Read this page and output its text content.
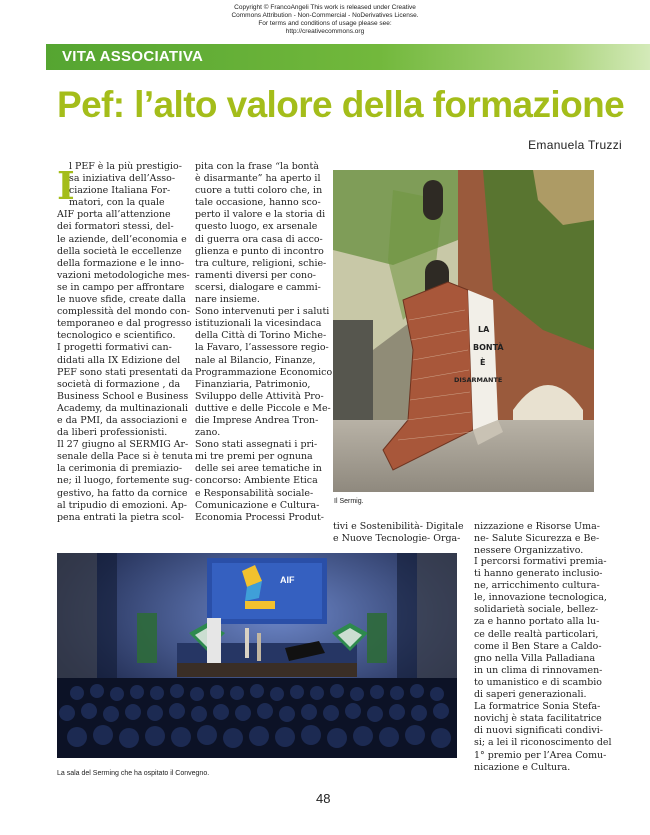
Copyright © FrancoAngeli This work is released under Creative
Commons Attribution - Non-Commercial - NoDerivatives License.
For terms and conditions of usage please see:
http://creativecommons.org
VITA ASSOCIATIVA
Pef: l’alto valore della formazione
Emanuela Truzzi
I
l PEF è la più prestigio-
sa iniziativa dell’Asso-
ciazione Italiana For-
matori, con la quale
AIF porta all’attenzione
dei formatori stessi, del-
le aziende, dell’economia e
della società le eccellenze
della formazione e le inno-
vazioni metodologiche mes-
se in campo per affrontare
le nuove sfide, create dalla
complessità del mondo con-
temporaneo e dal progresso
tecnologico e scientifico.
I progetti formativi can-
didati alla IX Edizione del
PEF sono stati presentati da
società di formazione , da
Business School e Business
Academy, da multinazionali
e da PMI, da associazioni e
da liberi professionisti.
Il 27 giugno al SERMIG Ar-
senale della Pace si è tenuta
la cerimonia di premiazio-
ne; il luogo, fortemente sug-
gestivo, ha fatto da cornice
al tripudio di emozioni. Ap-
pena entrati la pietra scol-
pita con la frase “la bontà
è disarmante” ha aperto il
cuore a tutti coloro che, in
tale occasione, hanno sco-
perto il valore e la storia di
questo luogo, ex arsenale
di guerra ora casa di acco-
glienza e punto di incontro
tra culture, religioni, schie-
ramenti diversi per cono-
scersi, dialogare e cammi-
nare insieme.
Sono intervenuti per i saluti
istituzionali la vicesindaca
della Città di Torino Miche-
la Favaro, l’assessore regio-
nale al Bilancio, Finanze,
Programmazione Economico
Finanziaria, Patrimonio,
Sviluppo delle Attività Pro-
duttive e delle Piccole e Me-
die Imprese Andrea Tron-
zano.
Sono stati assegnati i pri-
mi tre premi per ognuna
delle sei aree tematiche in
concorso: Ambiente Etica
e Responsabilità sociale-
Comunicazione e Cultura-
Economia Processi Produt-
tivi e Sostenibilità- Digitale
e Nuove Tecnologie- Orga-
nizzazione e Risorse Uma-
ne- Salute Sicurezza e Be-
nessere Organizzativo.
I percorsi formativi premia-
ti hanno generato inclusio-
ne, arricchimento cultura-
le, innovazione tecnologica,
solidarietà sociale, bellez-
za e hanno portato alla lu-
ce delle realtà particolari,
come il Ben Stare a Caldo-
gno nella Villa Palladiana
in un clima di rinnovamen-
to umanistico e di scambio
di saperi generazionali.
La formatrice Sonia Stefa-
novichj è stata facilitatrice
di nuovi significati condivi-
si; a lei il riconoscimento del
1° premio per l’Area Comu-
nicazione e Cultura.
LA
BONTÀ
È
DISARMANTE
Il Sermig.
AIF
La sala del Serming che ha ospitato il Convegno.
48
